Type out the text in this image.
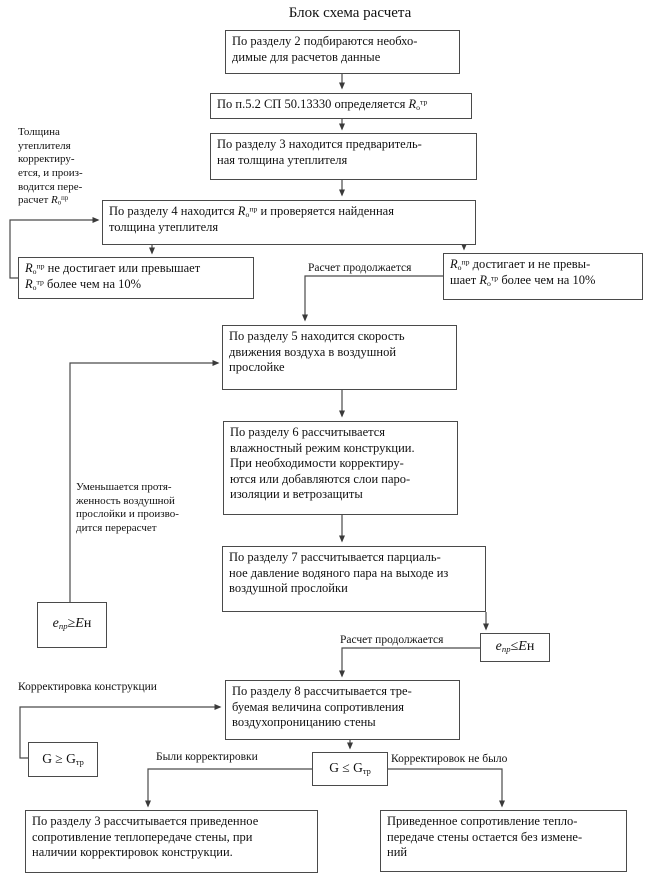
Блок схема расчета
По разделу 2 подбираются необхо-
димые для расчетов данные
По п.5.2 СП 50.13330 определяется $R_о^{тр}$
По разделу 3 находится предваритель-
ная толщина утеплителя
По разделу 4 находится $R_о^{пр}$ и проверяется найденная
толщина утеплителя
$R_о^{пр}$ не достигает или превышает
$R_о^{тр}$ более чем на 10%
$R_о^{пр}$ достигает и не превы-
шает $R_о^{тр}$ более чем на 10%
По разделу 5 находится скорость
движения воздуха в воздушной
прослойке
По разделу 6 рассчитывается
влажностный режим конструкции.
При необходимости корректиру-
ются или добавляются слои паро-
изоляции и ветрозащиты
По разделу 7 рассчитывается парциаль-
ное давление водяного пара на выходе из
воздушной прослойки
$e_{пр}\ge Eн$
$e_{пр}\le Eн$
По разделу 8 рассчитывается тре-
буемая величина сопротивления
воздухопроницанию стены
$G \ge G_{тр}$	$G \le G_{тр}$
По разделу 3 рассчитывается приведенное
сопротивление теплопередаче стены, при
наличии корректировок конструкции.
Приведенное сопротивление тепло-
передаче стены остается без измене-
ний
Толщина
утеплителя
корректиру-
ется, и произ-
водится пере-
расчет $R_о^{пр}$
Расчет продолжается
Уменьшается протя-
женность воздушной
прослойки и произво-
дится перерасчет
Расчет продолжается
Корректировка конструкции
Были корректировки	Корректировок не было
